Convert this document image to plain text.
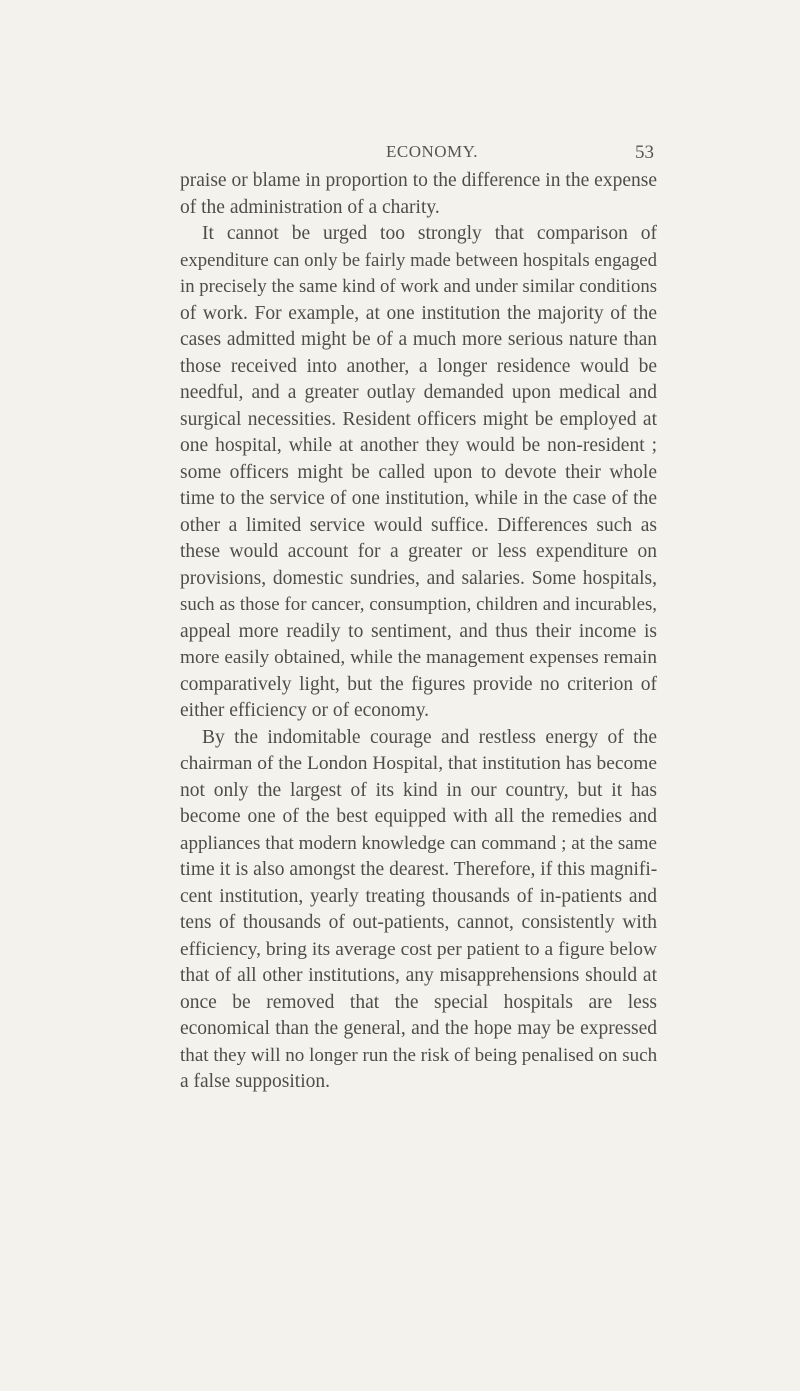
ECONOMY.	53
praise or blame in proportion to the difference in the expense
of the administration of a charity.
It cannot be urged too strongly that comparison of
expenditure can only be fairly made between hospitals engaged
in precisely the same kind of work and under similar conditions
of work. For example, at one institution the majority of the
cases admitted might be of a much more serious nature than
those received into another, a longer residence would be
needful, and a greater outlay demanded upon medical and
surgical necessities. Resident officers might be employed at
one hospital, while at another they would be non-resident ;
some officers might be called upon to devote their whole
time to the service of one institution, while in the case of the
other a limited service would suffice. Differences such as
these would account for a greater or less expenditure on
provisions, domestic sundries, and salaries. Some hospitals,
such as those for cancer, consumption, children and incurables,
appeal more readily to sentiment, and thus their income is
more easily obtained, while the management expenses remain
comparatively light, but the figures provide no criterion of
either efficiency or of economy.
By the indomitable courage and restless energy of the
chairman of the London Hospital, that institution has become
not only the largest of its kind in our country, but it has
become one of the best equipped with all the remedies and
appliances that modern knowledge can command ; at the same
time it is also amongst the dearest. Therefore, if this magnifi-
cent institution, yearly treating thousands of in-patients and
tens of thousands of out-patients, cannot, consistently with
efficiency, bring its average cost per patient to a figure below
that of all other institutions, any misapprehensions should at
once be removed that the special hospitals are less
economical than the general, and the hope may be expressed
that they will no longer run the risk of being penalised on such
a false supposition.
